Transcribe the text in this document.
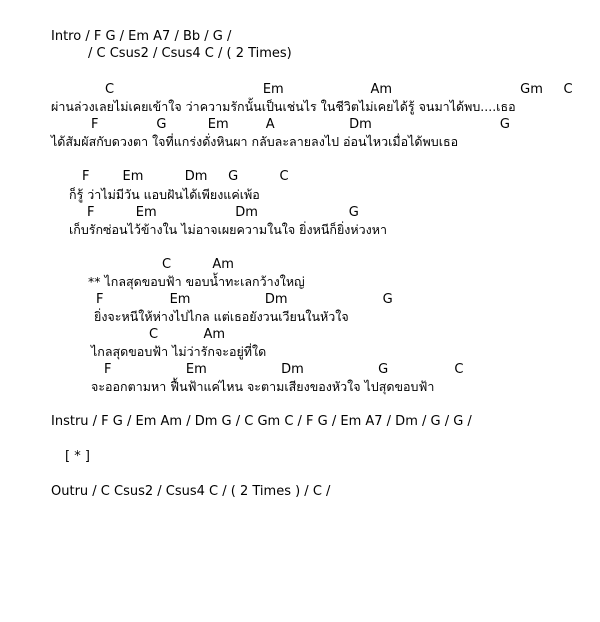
Intro / F G / Em A7 / Bb / G /
/ C Csus2 / Csus4 C / ( 2 Times)
C                                    Em                     Am                               Gm     C
ผ่านล่วงเลยไม่เคยเข้าใจ ว่าความรักนั้นเป็นเช่นไร ในชีวิตไม่เคยได้รู้ จนมาได้พบ....เธอ
F              G          Em         A                  Dm                               G
ได้สัมผัสกับดวงตา ใจที่แกร่งดั่งหินผา กลับละลายลงไป อ่อนไหวเมื่อได้พบเธอ
F        Em          Dm     G          C
ก็รู้ ว่าไม่มีวัน แอบฝันได้เพียงแค่เพ้อ
F          Em                   Dm                      G
เก็บรักซ่อนไว้ข้างใน ไม่อาจเผยความในใจ ยิ่งหนีก็ยิ่งห่วงหา
C          Am
** ไกลสุดขอบฟ้า ขอบน้ำทะเลกว้างใหญ่
F                Em                  Dm                       G
ยิ่งจะหนีให้ห่างไปไกล แต่เธอยังวนเวียนในหัวใจ
C           Am
ไกลสุดขอบฟ้า ไม่ว่ารักจะอยู่ที่ใด
F                  Em                  Dm                  G                C
จะออกตามหา ฟื้นฟ้าแค่ไหน จะตามเสียงของหัวใจ ไปสุดขอบฟ้า
Instru / F G / Em Am / Dm G / C Gm C / F G / Em A7 / Dm / G / G /
[ * ]
Outru / C Csus2 / Csus4 C / ( 2 Times ) / C /
